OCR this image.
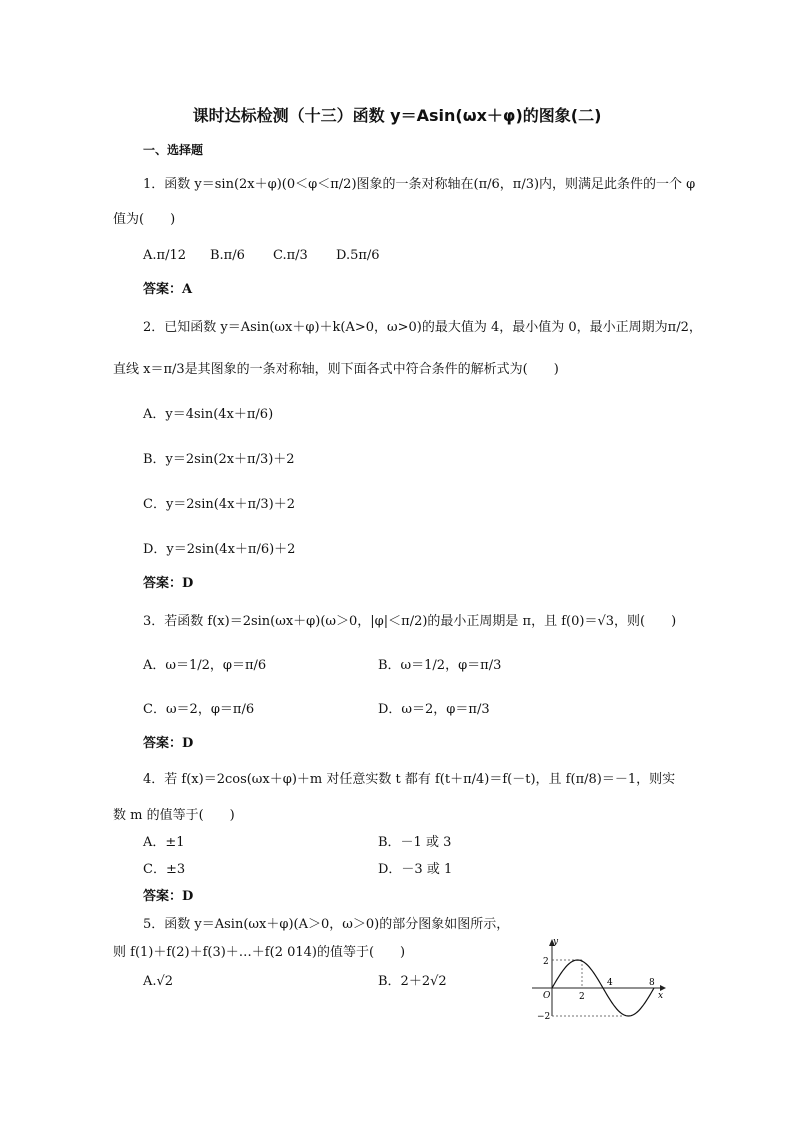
课时达标检测（十三）函数 y＝Asin(ωx＋φ)的图象(二)
一、选择题
1．函数 y＝sin(2x＋φ)(0＜φ＜π/2)图象的一条对称轴在(π/6，π/3)内，则满足此条件的一个 φ
值为(　　)
A.π/12 B.π/6 C.π/3 D.5π/6
答案：A
2．已知函数 y＝Asin(ωx＋φ)＋k(A>0，ω>0)的最大值为 4，最小值为 0，最小正周期为π/2，
直线 x＝π/3是其图象的一条对称轴，则下面各式中符合条件的解析式为(　　)
A．y＝4sin(4x＋π/6)
B．y＝2sin(2x＋π/3)＋2
C．y＝2sin(4x＋π/3)＋2
D．y＝2sin(4x＋π/6)＋2
答案：D
3．若函数 f(x)＝2sin(ωx＋φ)(ω＞0，|φ|＜π/2)的最小正周期是 π，且 f(0)＝√3，则(　　)
A．ω＝1/2，φ＝π/6	B．ω＝1/2，φ＝π/3
C．ω＝2，φ＝π/6	D．ω＝2，φ＝π/3
答案：D
4．若 f(x)＝2cos(ωx＋φ)＋m 对任意实数 t 都有 f(t＋π/4)＝f(－t)，且 f(π/8)＝－1，则实
数 m 的值等于(　　)
A．±1	B．－1 或 3
C．±3	D．－3 或 1
答案：D
5．函数 y＝Asin(ωx＋φ)(A＞0，ω＞0)的部分图象如图所示，
则 f(1)＋f(2)＋f(3)＋…＋f(2 014)的值等于(　　)
A.√2	B．2＋2√2
y
x
O
2
−2
2
4	8
